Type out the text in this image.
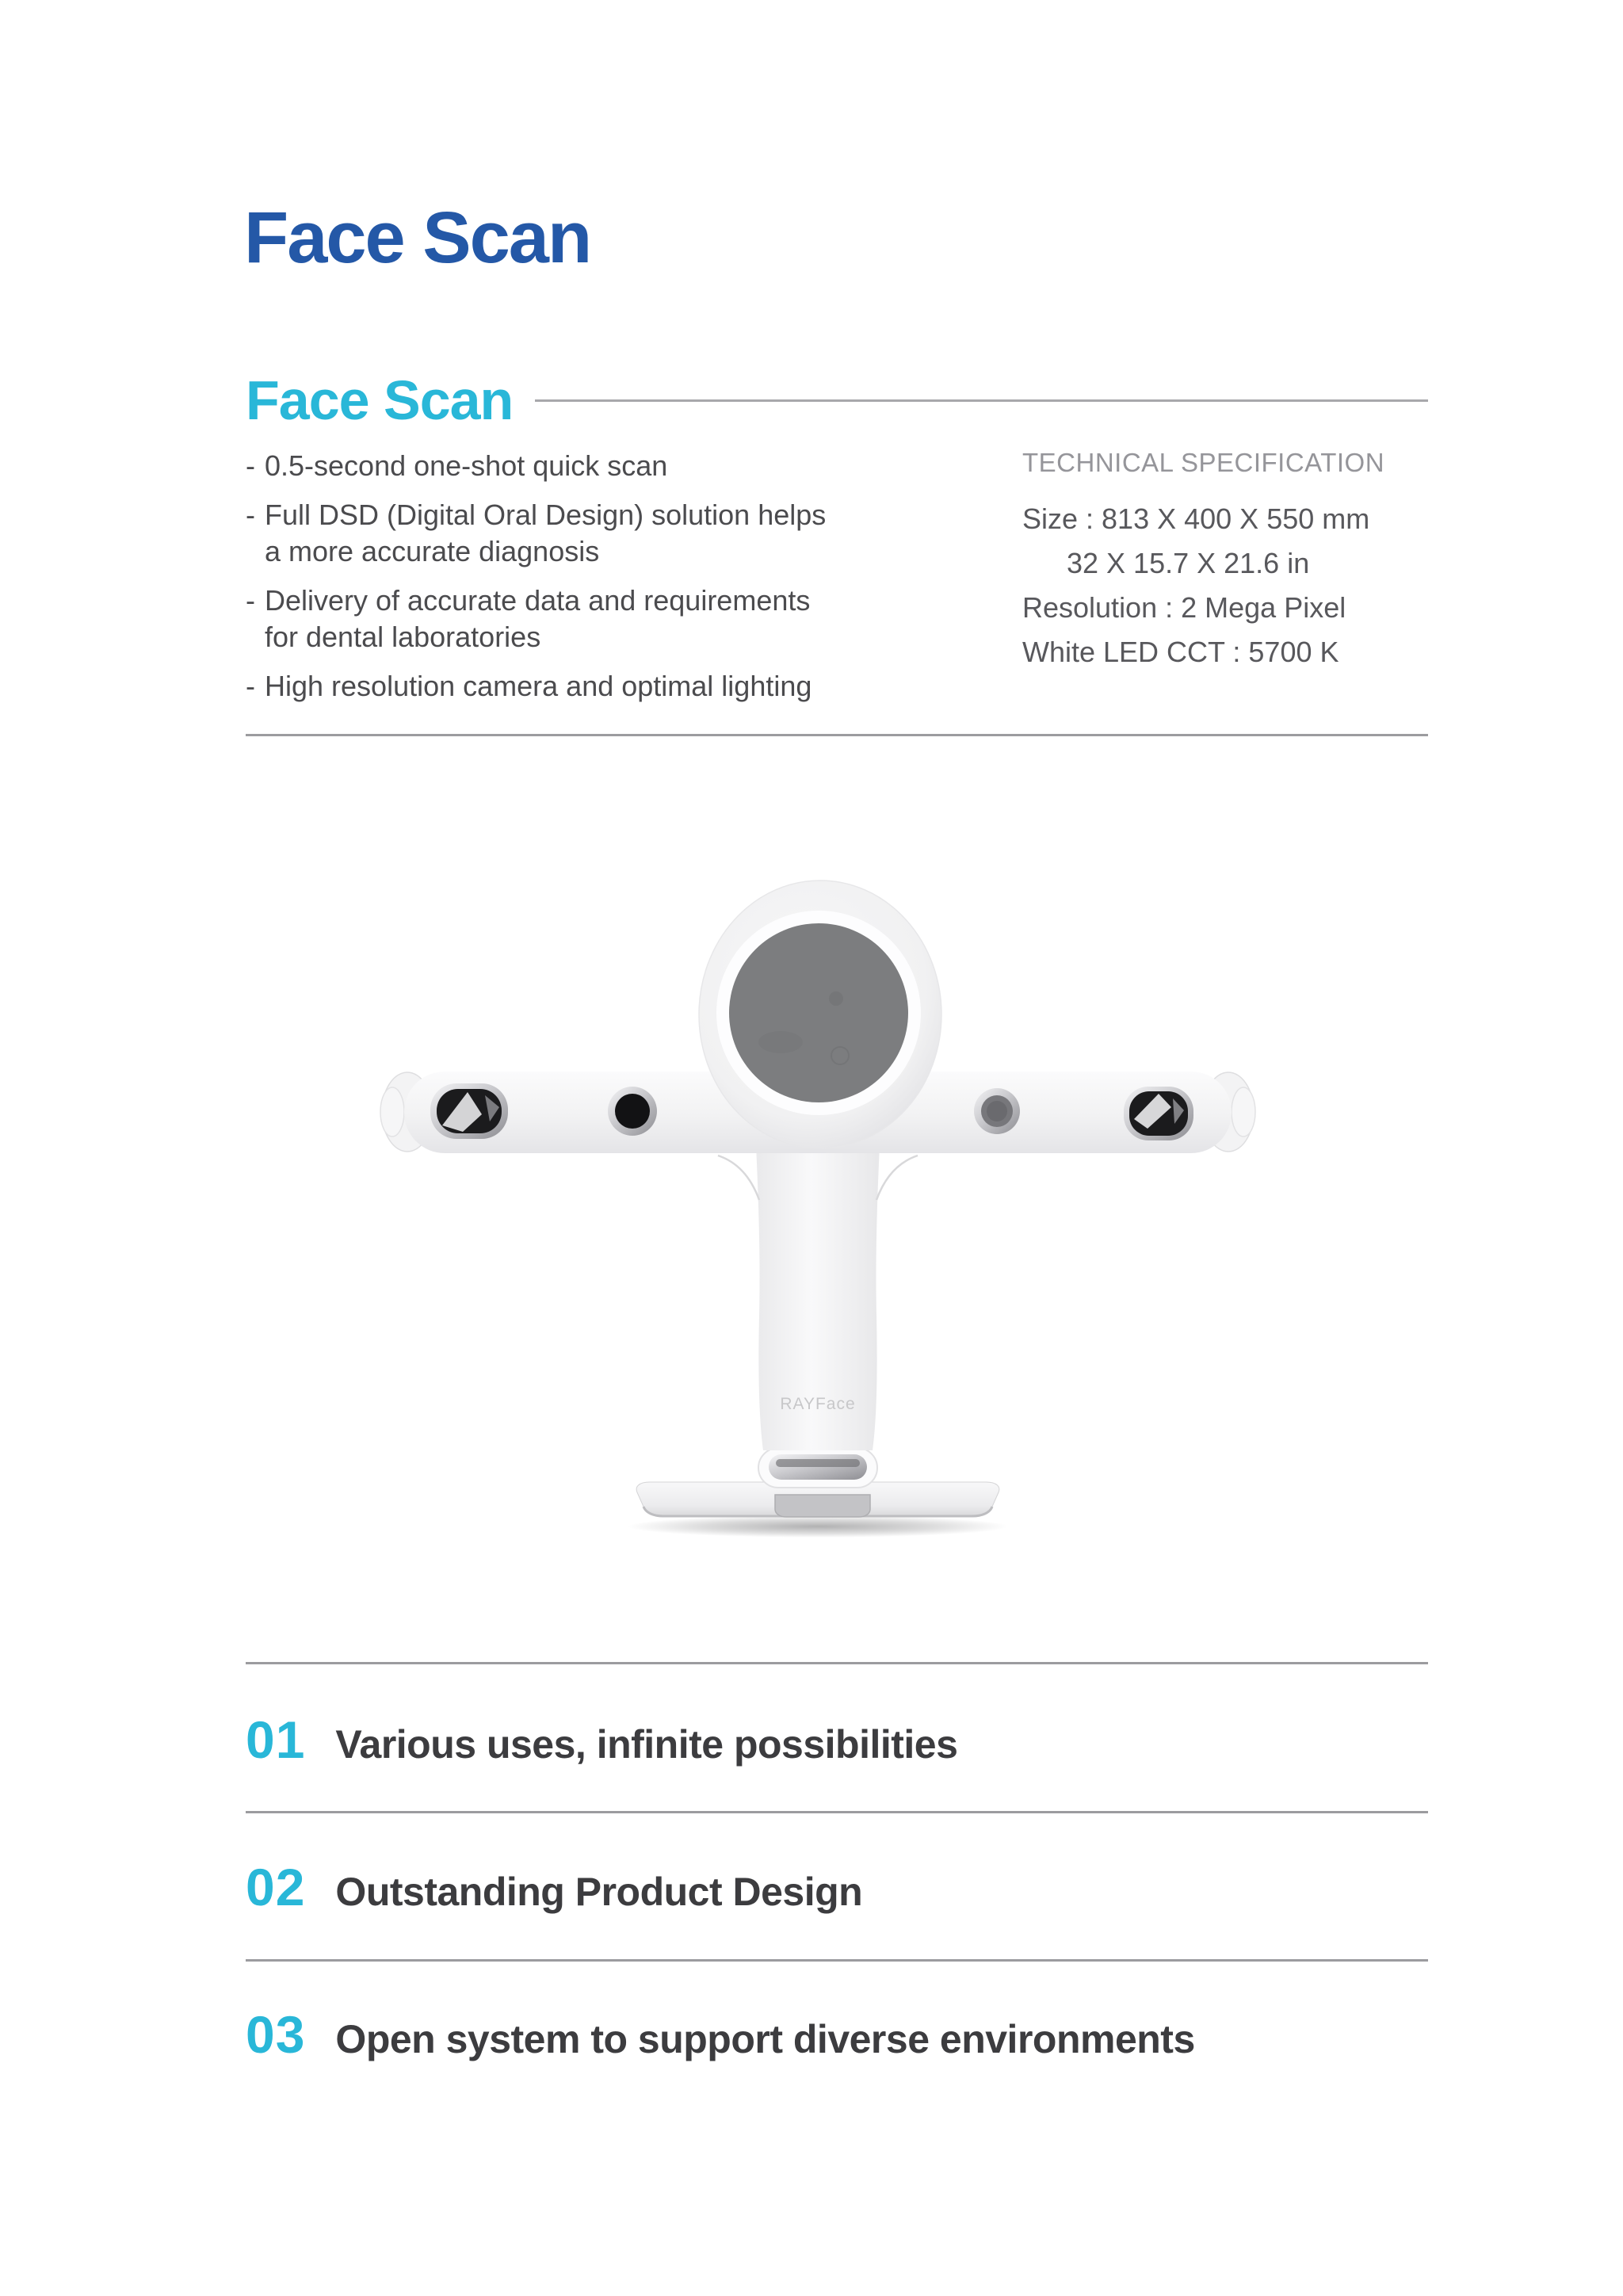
Face Scan
Face Scan
- 0.5-second one-shot quick scan
- Full DSD (Digital Oral Design) solution helps
a more accurate diagnosis
- Delivery of accurate data and requirements
for dental laboratories
- High resolution camera and optimal lighting
TECHNICAL SPECIFICATION
Size : 813 X 400 X 550 mm
32 X 15.7 X 21.6 in
Resolution : 2 Mega Pixel
White LED CCT : 5700 K
RAYFace
01 Various uses, infinite possibilities
02 Outstanding Product Design
03 Open system to support diverse environments
